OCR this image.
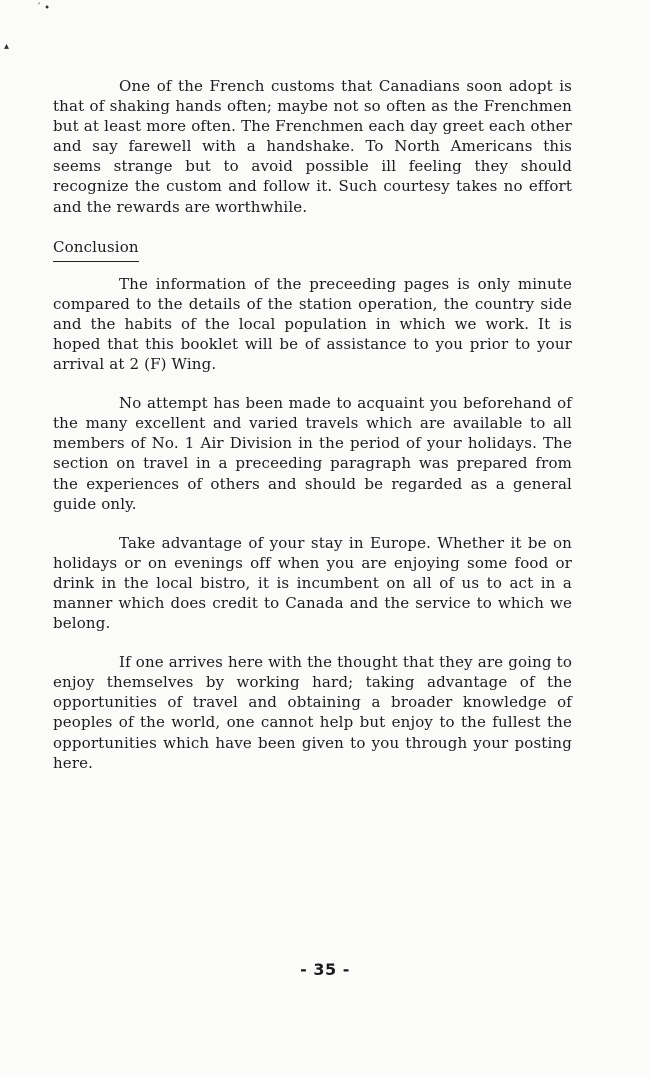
´ •
▴

One of the French customs that Canadians soon adopt is that of shaking hands often; maybe not so often as the Frenchmen but at least more often. The Frenchmen each day greet each other and say farewell with a handshake. To North Americans this seems strange but to avoid possible ill feeling they should recognize the custom and follow it. Such courtesy takes no effort and the rewards are worthwhile.

Conclusion

The information of the preceeding pages is only minute compared to the details of the station operation, the country side and the habits of the local population in which we work. It is hoped that this booklet will be of assistance to you prior to your arrival at 2 (F) Wing.

No attempt has been made to acquaint you beforehand of the many excellent and varied travels which are available to all members of No. 1 Air Division in the period of your holidays. The section on travel in a preceeding paragraph was prepared from the experiences of others and should be regarded as a general guide only.

Take advantage of your stay in Europe. Whether it be on holidays or on evenings off when you are enjoying some food or drink in the local bistro, it is incumbent on all of us to act in a manner which does credit to Canada and the service to which we belong.

If one arrives here with the thought that they are going to enjoy themselves by working hard; taking advantage of the opportunities of travel and obtaining a broader knowledge of peoples of the world, one cannot help but enjoy to the fullest the opportunities which have been given to you through your posting here.

- 35 -
